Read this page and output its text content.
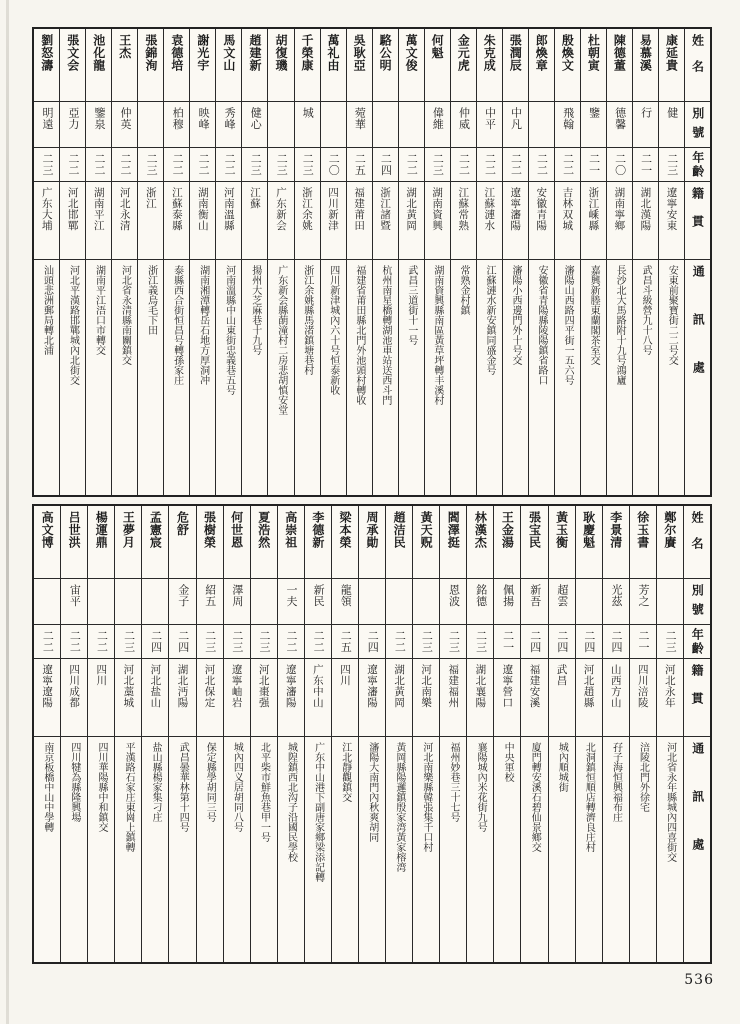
姓名
別號
年齡
籍貫
通訊處
康延貴
健
二三
遼寧安東
安東前聚寶街二二号交
易慕溪
行
二一
湖北漢陽
武昌斗級營九十八号
陳德董
德馨
二〇
湖南寧鄉
長沙北大馬路附十九号鴻廬
杜朝寅
鑒
二一
浙江嵊縣
嘉興新塍東蘭閣茶室交
殷煥文
飛翰
二二
吉林双城
瀋陽山西路四平街一五六号
郎煥章
二二
安徽青陽
安徽省青陽縣陵陽鎮省路口
張潤辰
中凡
二二
遼寧瀋陽
瀋陽小西邊門外十号交
朱克成
中平
二二
江蘇漣水
江蘇漣水新安鎮同盛金号
金元虎
仲威
二二
江蘇常熟
常熟金村鎮
何魁
偉維
二三
湖南資興
湖南資興縣南區黃草坪轉丰溪村
萬文俊
二二
湖北黃岡
武昌三道街十一号
駱公明
二四
浙江諸暨
杭州南星橋轉湖池車站送西斗門
吳耿亞
菀華
二五
福建莆田
福建省莆田縣北門外池頭村轉收
萬礼由
二〇
四川新津
四川新津城內六十号恒泰新收
千榮康
城
二三
浙江余姚
浙江余姚縣馬渚鎮塘巷村
胡復璣
二三
广东新会
广东新会縣蓢潼村二房悲胡慎安堂
趙建新
健心
二三
江蘇
揚州大芝麻巷十九号
馬文山
秀峰
二二
河南溫縣
河南溫縣中山東街忠義巷五号
謝光宇
映峰
二二
湖南衡山
湖南湘潭轉岳石地方厚洞冲
袁德培
柏穆
二二
江蘇泰縣
泰縣西合街恒昌号轉孫家庄
張錦洵
二三
浙江
浙江義烏毛下田
王杰
仲英
二二
河北永清
河北省永清縣南關鎮交
池化龍
鑒泉
二二
湖南平江
湖南平江浯口市轉交
張文会
亞力
二二
河北邯鄲
河北平漢路邯鄲城內北街交
劉怒濤
明遠
二三
广东大埔
汕頭悲洲郵局轉北浦
姓名
別號
年齡
籍貫
通訊處
鄭尔賡
二三
河北永年
河北省永年縣城內四喜街交
徐玉書
芳之
二一
四川涪陵
涪陵北門外徐宅
李景清
光茲
二四
山西方山
孖子海恒興福布庄
耿慶魁
二四
河北趙縣
北洞鎮恒順店轉濟良庄村
黃玉衡
超雲
二四
武昌
城內順城街
張宝民
新吾
二四
福建安溪
廈門轉安溪石碧仙景鄉交
王金湯
佩揚
二一
遼寧營口
中央軍校
林漢杰
銘德
二三
湖北襄陽
襄陽城內米花街九号
閻澤挺
恩波
二三
福建福州
福州妙巷三十七号
黃天贶
二三
河北南樂
河北南樂縣韓張集千口村
趙洁民
二二
湖北黃岡
黃岡縣陽邏鎮殷家湾黃家榕湾
周承勛
二四
遼寧瀋陽
瀋陽大南門內秋爽胡同
梁本榮
龍領
二五
四川
江北靜觀鎮交
李德新
新民
二二
广东中山
广东中山港下副唐家鄉梁添記轉
高崇祖
一夫
二二
遼寧瀋陽
城隍鎮西北沟子沿國民學校
夏浩然
二三
河北棗强
北平柴市鮮魚巷甲一号
何世恩
澤周
二三
遼寧岫岩
城內四义居胡同八号
張樹榮
紹五
二三
河北保定
保定縣學胡同三号
危舒
金子
二四
湖北沔陽
武昌曇華林第十四号
孟憲宸
二四
河北盐山
盐山縣楊家集刁庄
王夢月
二三
河北藁城
平漢路石家庄東崗上鎮轉
楊運鼎
二二
四川
四川華陽縣中和鎮交
吕世洪
宙平
二二
四川成都
四川犍為縣隆興場
高文博
二二
遼寧遼陽
南京板橋中山中學轉
536
